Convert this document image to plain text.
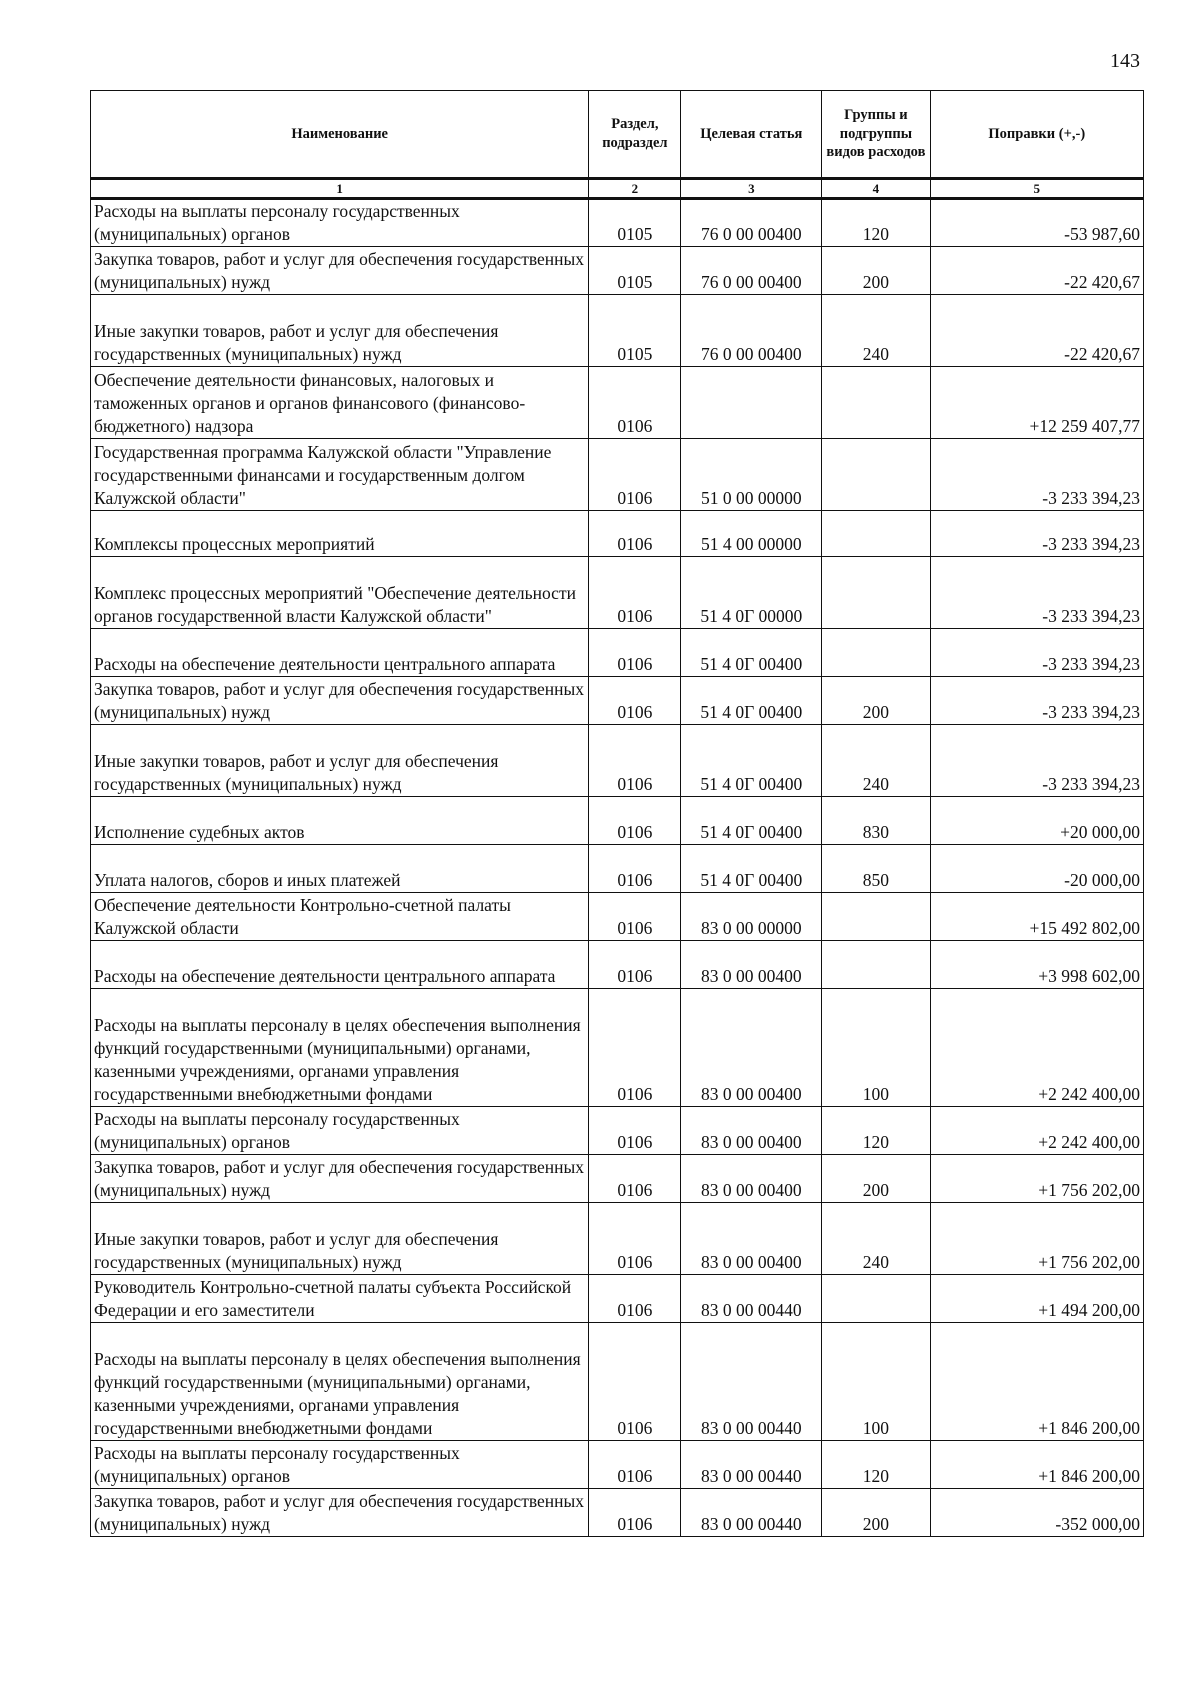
143
Наименование	Раздел, подраздел	Целевая статья	Группы и подгруппы видов расходов	Поправки (+,-)
1	2	3	4	5
Расходы на выплаты персоналу государственных (муниципальных) органов	0105	76 0 00 00400	120	-53 987,60
Закупка товаров, работ и услуг для обеспечения государственных (муниципальных) нужд	0105	76 0 00 00400	200	-22 420,67
Иные закупки товаров, работ и услуг для обеспечения государственных (муниципальных) нужд	0105	76 0 00 00400	240	-22 420,67
Обеспечение деятельности финансовых, налоговых и таможенных органов и органов финансового (финансово-бюджетного) надзора	0106			+12 259 407,77
Государственная программа Калужской области "Управление государственными финансами и государственным долгом Калужской области"	0106	51 0 00 00000		-3 233 394,23
Комплексы процессных мероприятий	0106	51 4 00 00000		-3 233 394,23
Комплекс процессных мероприятий "Обеспечение деятельности органов государственной власти Калужской области"	0106	51 4 0Г 00000		-3 233 394,23
Расходы на обеспечение деятельности центрального аппарата	0106	51 4 0Г 00400		-3 233 394,23
Закупка товаров, работ и услуг для обеспечения государственных (муниципальных) нужд	0106	51 4 0Г 00400	200	-3 233 394,23
Иные закупки товаров, работ и услуг для обеспечения государственных (муниципальных) нужд	0106	51 4 0Г 00400	240	-3 233 394,23
Исполнение судебных актов	0106	51 4 0Г 00400	830	+20 000,00
Уплата налогов, сборов и иных платежей	0106	51 4 0Г 00400	850	-20 000,00
Обеспечение деятельности Контрольно-счетной палаты Калужской области	0106	83 0 00 00000		+15 492 802,00
Расходы на обеспечение деятельности центрального аппарата	0106	83 0 00 00400		+3 998 602,00
Расходы на выплаты персоналу в целях обеспечения выполнения функций государственными (муниципальными) органами, казенными учреждениями, органами управления государственными внебюджетными фондами	0106	83 0 00 00400	100	+2 242 400,00
Расходы на выплаты персоналу государственных (муниципальных) органов	0106	83 0 00 00400	120	+2 242 400,00
Закупка товаров, работ и услуг для обеспечения государственных (муниципальных) нужд	0106	83 0 00 00400	200	+1 756 202,00
Иные закупки товаров, работ и услуг для обеспечения государственных (муниципальных) нужд	0106	83 0 00 00400	240	+1 756 202,00
Руководитель Контрольно-счетной палаты субъекта Российской Федерации и его заместители	0106	83 0 00 00440		+1 494 200,00
Расходы на выплаты персоналу в целях обеспечения выполнения функций государственными (муниципальными) органами, казенными учреждениями, органами управления государственными внебюджетными фондами	0106	83 0 00 00440	100	+1 846 200,00
Расходы на выплаты персоналу государственных (муниципальных) органов	0106	83 0 00 00440	120	+1 846 200,00
Закупка товаров, работ и услуг для обеспечения государственных (муниципальных) нужд	0106	83 0 00 00440	200	-352 000,00
